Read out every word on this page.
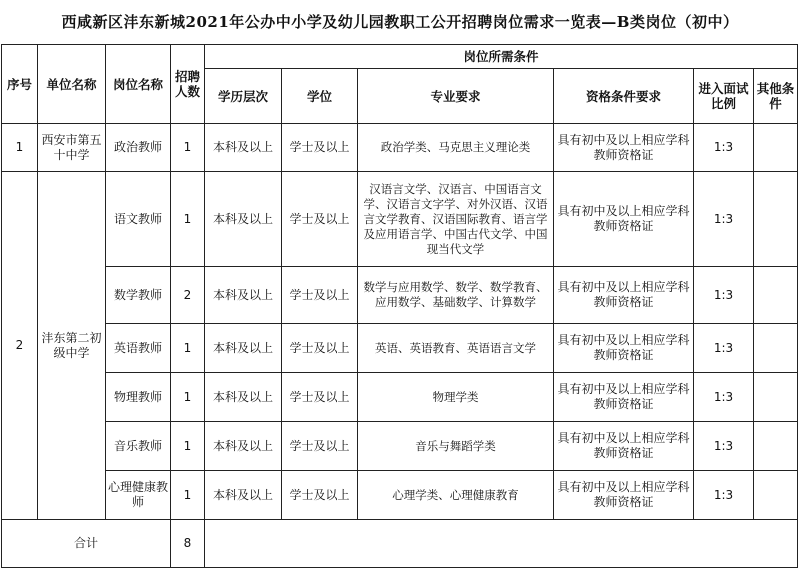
西咸新区沣东新城2021年公办中小学及幼儿园教职工公开招聘岗位需求一览表—B类岗位（初中）
序号	单位名称	岗位名称	招聘人数	岗位所需条件					
				学历层次	学位	专业要求	资格条件要求	进入面试比例	其他条件
1	西安市第五十中学	政治教师	1	本科及以上	学士及以上	政治学类、马克思主义理论类	具有初中及以上相应学科教师资格证	1:3	
2	沣东第二初级中学	语文教师	1	本科及以上	学士及以上	汉语言文学、汉语言、中国语言文学、汉语言文字学、对外汉语、汉语言文学教育、汉语国际教育、语言学及应用语言学、中国古代文学、中国现当代文学	具有初中及以上相应学科教师资格证	1:3	
		数学教师	2	本科及以上	学士及以上	数学与应用数学、数学、数学教育、应用数学、基础数学、计算数学	具有初中及以上相应学科教师资格证	1:3	
		英语教师	1	本科及以上	学士及以上	英语、英语教育、英语语言文学	具有初中及以上相应学科教师资格证	1:3	
		物理教师	1	本科及以上	学士及以上	物理学类	具有初中及以上相应学科教师资格证	1:3	
		音乐教师	1	本科及以上	学士及以上	音乐与舞蹈学类	具有初中及以上相应学科教师资格证	1:3	
		心理健康教师	1	本科及以上	学士及以上	心理学类、心理健康教育	具有初中及以上相应学科教师资格证	1:3	
合计			8						
